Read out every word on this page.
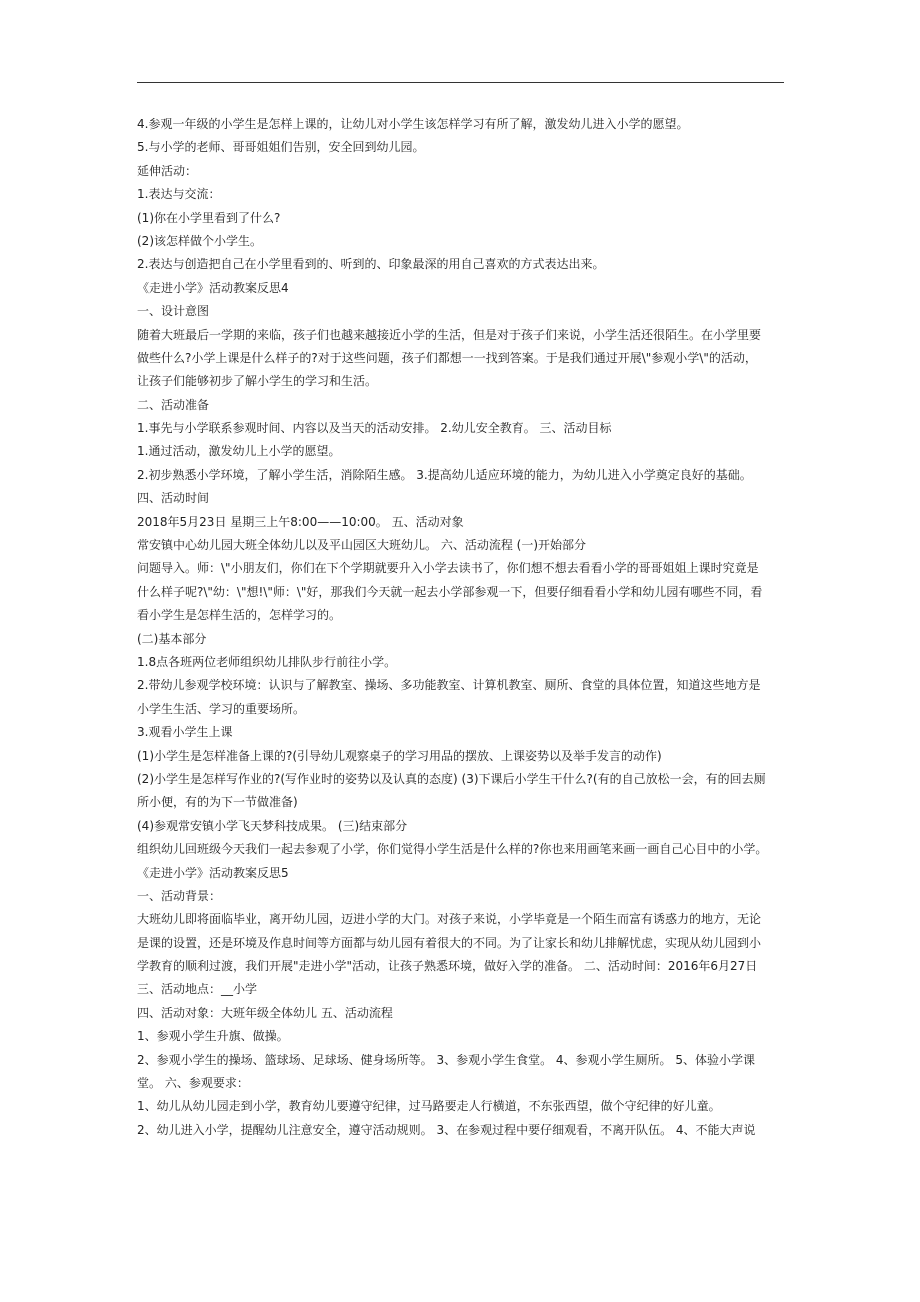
4.参观一年级的小学生是怎样上课的，让幼儿对小学生该怎样学习有所了解，激发幼儿进入小学的愿望。
5.与小学的老师、哥哥姐姐们告别，安全回到幼儿园。
延伸活动：
1.表达与交流：
(1)你在小学里看到了什么?
(2)该怎样做个小学生。
2.表达与创造把自己在小学里看到的、听到的、印象最深的用自己喜欢的方式表达出来。
《走进小学》活动教案反思4
一、设计意图
随着大班最后一学期的来临，孩子们也越来越接近小学的生活，但是对于孩子们来说，小学生活还很陌生。在小学里要
做些什么?小学上课是什么样子的?对于这些问题，孩子们都想一一找到答案。于是我们通过开展\"参观小学\"的活动，
让孩子们能够初步了解小学生的学习和生活。
二、活动准备
1.事先与小学联系参观时间、内容以及当天的活动安排。 2.幼儿安全教育。 三、活动目标
1.通过活动，激发幼儿上小学的愿望。
2.初步熟悉小学环境，了解小学生活，消除陌生感。 3.提高幼儿适应环境的能力，为幼儿进入小学奠定良好的基础。
四、活动时间
2018年5月23日 星期三上午8:00——10:00。 五、活动对象
常安镇中心幼儿园大班全体幼儿以及平山园区大班幼儿。 六、活动流程 (一)开始部分
问题导入。师：\"小朋友们，你们在下个学期就要升入小学去读书了，你们想不想去看看小学的哥哥姐姐上课时究竟是
什么样子呢?\"幼：\"想!\"师：\"好，那我们今天就一起去小学部参观一下，但要仔细看看小学和幼儿园有哪些不同，看
看小学生是怎样生活的，怎样学习的。
(二)基本部分
1.8点各班两位老师组织幼儿排队步行前往小学。
2.带幼儿参观学校环境：认识与了解教室、操场、多功能教室、计算机教室、厕所、食堂的具体位置，知道这些地方是
小学生生活、学习的重要场所。
3.观看小学生上课
(1)小学生是怎样准备上课的?(引导幼儿观察桌子的学习用品的摆放、上课姿势以及举手发言的动作)
(2)小学生是怎样写作业的?(写作业时的姿势以及认真的态度) (3)下课后小学生干什么?(有的自己放松一会，有的回去厕
所小便，有的为下一节做准备)
(4)参观常安镇小学飞天梦科技成果。 (三)结束部分
组织幼儿回班级今天我们一起去参观了小学，你们觉得小学生活是什么样的?你也来用画笔来画一画自己心目中的小学。
《走进小学》活动教案反思5
一、活动背景：
大班幼儿即将面临毕业，离开幼儿园，迈进小学的大门。对孩子来说，小学毕竟是一个陌生而富有诱惑力的地方，无论
是课的设置，还是环境及作息时间等方面都与幼儿园有着很大的不同。为了让家长和幼儿排解忧虑，实现从幼儿园到小
学教育的顺利过渡，我们开展"走进小学"活动，让孩子熟悉环境，做好入学的准备。 二、活动时间：2016年6月27日
三、活动地点：__小学
四、活动对象：大班年级全体幼儿 五、活动流程
1、参观小学生升旗、做操。
2、参观小学生的操场、篮球场、足球场、健身场所等。 3、参观小学生食堂。 4、参观小学生厕所。 5、体验小学课
堂。 六、参观要求：
1、幼儿从幼儿园走到小学，教育幼儿要遵守纪律，过马路要走人行横道，不东张西望，做个守纪律的好儿童。
2、幼儿进入小学，提醒幼儿注意安全，遵守活动规则。 3、在参观过程中要仔细观看，不离开队伍。 4、不能大声说
